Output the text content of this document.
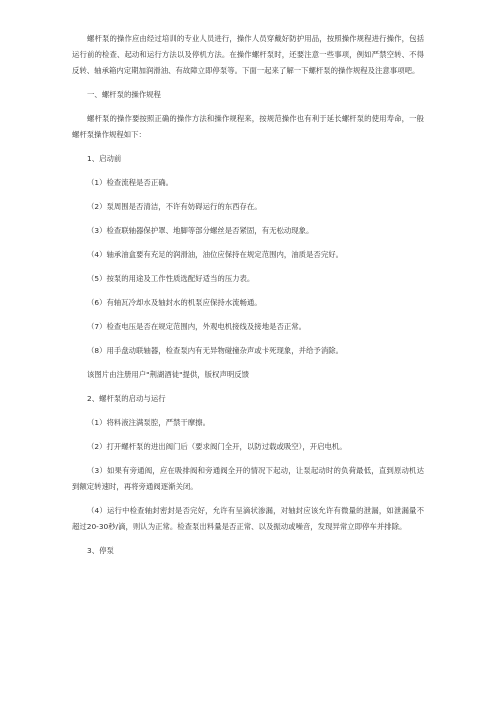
螺杆泵的操作应由经过培训的专业人员进行，操作人员穿戴好防护用品，按照操作规程进行操作，包括运行前的检查、起动和运行方法以及停机方法。在操作螺杆泵时，还要注意一些事项，例如严禁空转、不得反转、轴承箱内定期加润滑油、有故障立即停泵等。下面一起来了解一下螺杆泵的操作规程及注意事项吧。

一、螺杆泵的操作规程

螺杆泵的操作要按照正确的操作方法和操作规程来，按规范操作也有利于延长螺杆泵的使用寿命，一般螺杆泵操作规程如下：

1、启动前

（1）检查流程是否正确。

（2）泵周围是否清洁，不许有妨碍运行的东西存在。

（3）检查联轴器保护罩、地脚等部分螺丝是否紧固，有无松动现象。

（4）轴承油盒要有充足的润滑油，油位应保持在规定范围内，油质是否完好。

（5）按泵的用途及工作性质选配好适当的压力表。

（6）有轴瓦冷却水及轴封水的机泵应保持水流畅通。

（7）检查电压是否在规定范围内，外观电机接线及接地是否正常。

（8）用手盘动联轴器，检查泵内有无异物碰撞杂声或卡死现象，并给予消除。

该图片由注册用户"荆湖酒徒"提供，版权声明反馈

2、螺杆泵的启动与运行

（1）将料液注满泵腔，严禁干摩擦。

（2）打开螺杆泵的进出阀门后（要求阀门全开，以防过载或吸空），开启电机。

（3）如果有旁通阀，应在吸排阀和旁通阀全开的情况下起动，让泵起动时的负荷最低，直到原动机达到额定转速时，再将旁通阀逐渐关闭。

（4）运行中检查轴封密封是否完好，允许有呈滴状渗漏，对轴封应该允许有微量的泄漏，如泄漏量不超过20-30秒/滴，则认为正常。检查泵出料量是否正常、以及振动或噪音，发现异常立即停车并排除。

3、停泵
